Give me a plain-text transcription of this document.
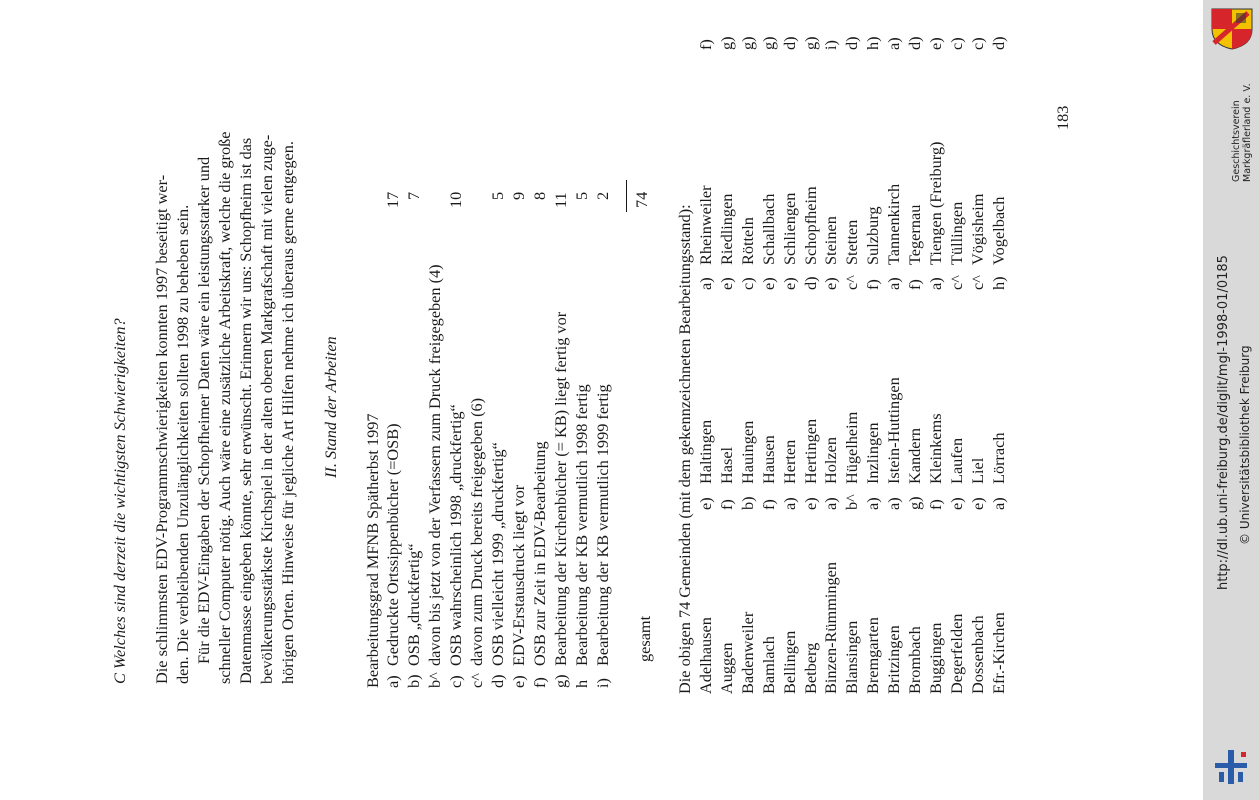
C Welches sind derzeit die wichtigsten Schwierigkeiten? Die schlimmsten EDV-Programmschwierigkeiten konnten 1997 beseitigt wer- den. Die verbleibenden Unzulänglichkeiten sollten 1998 zu beheben sein. Für die EDV-Eingaben der Schopfheimer Daten wäre ein leistungsstarker und schneller Computer nötig. Auch wäre eine zusätzliche Arbeitskraft, welche die große Datenmasse eingeben könnte, sehr erwünscht. Erinnern wir uns: Schopfheim ist das bevölkerungsstärkste Kirchspiel in der alten oberen Markgrafschaft mit vielen zuge- hörigen Orten. Hinweise für jegliche Art Hilfen nehme ich überaus gerne entgegen. II. Stand der Arbeiten
Bearbeitungsgrad MFNB Spätherbst 1997 a) b) b^ c) c^ d) e) f) g) h i)
Gedruckte Ortssippenbücher (=OSB) OSB „druckfertig“ davon bis jetzt von der Verfassern zum Druck freigegeben (4) OSB wahrscheinlich 1998 „druckfertig“ davon zum Druck bereits freigegeben (6) OSB vielleicht 1999 „druckfertig“ EDV-Erstausdruck liegt vor OSB zur Zeit in EDV-Bearbeitung Bearbeitung der Kirchenbücher (= KB) liegt fertig vor Bearbeitung der KB vermutlich 1998 fertig Bearbeitung der KB vermutlich 1999 fertig
17 7 10 5 9 8 11 5 2
gesamt
74
Die obigen 74 Gemeinden (mit dem gekennzeichneten Bearbeitungsstand): Adelhausen
e)
Haltingen
a)
Rheinweiler
f)
Auggen
f)
Hasel
e)
Riedlingen
g)
Badenweiler
b)
Hauingen
c)
Rötteln
g)
Bamlach
f)
Hausen
e)
Schallbach
g)
Bellingen
a)
Herten
e)
Schliengen
d)
Betberg
e)
Hertingen
d)
Schopfheim
g)
Binzen-Rümmingen
a)
Holzen
e)
Steinen
i)
Blansingen
b^
Hügelheim
c^
Stetten
d)
Bremgarten
a)
Inzlingen
f)
Sulzburg
h)
Britzingen
a)
Istein-Huttingen
a)
Tannenkirch
a)
Brombach
g)
Kandern
f)
Tegernau
d)
Buggingen
f)
Kleinkems
a)
Tiengen (Freiburg)
e)
Degerfelden
e)
Laufen
c^
Tüllingen
c)
Dossenbach
e)
Liel
c^
Vögisheim
c)
Efr.-Kirchen
a)
Lörrach
h)
Vogelbach
d)
183	Geschichtsverein Markgräflerland e. V.
http://dl.ub.uni-freiburg.de/diglit/mgl-1998-01/0185 © Universitätsbibliothek Freiburg
